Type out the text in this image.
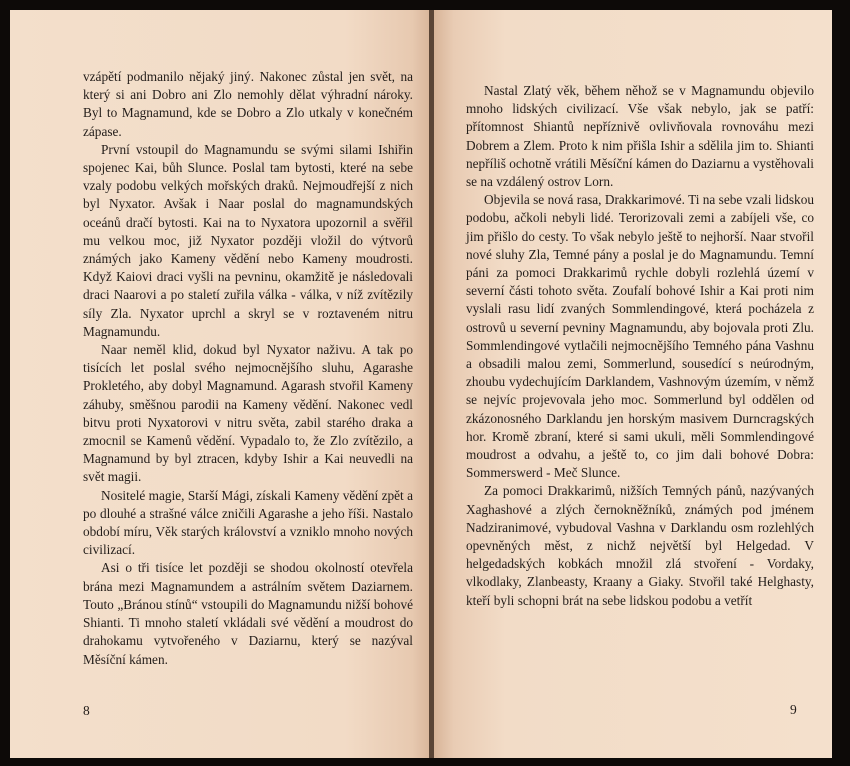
vzápětí podmanilo nějaký jiný. Nakonec zůstal jen svět, na který si ani Dobro ani Zlo nemohly dělat výhradní nároky. Byl to Magnamund, kde se Dobro a Zlo utkaly v konečném zápase.

První vstoupil do Magnamundu se svými silami Ishiřin spojenec Kai, bůh Slunce. Poslal tam bytosti, které na sebe vzaly podobu velkých mořských draků. Nejmoudřejší z nich byl Nyxator. Avšak i Naar poslal do magnamundských oceánů dračí bytosti. Kai na to Nyxatora upozornil a svěřil mu velkou moc, již Nyxator později vložil do výtvorů známých jako Kameny vědění nebo Kameny moudrosti. Když Kaiovi draci vyšli na pevninu, okamžitě je následovali draci Naarovi a po staletí zuřila válka - válka, v níž zvítězily síly Zla. Nyxator uprchl a skryl se v roztaveném nitru Magnamundu.

Naar neměl klid, dokud byl Nyxator naživu. A tak po tisících let poslal svého nejmocnějšího sluhu, Agarashe Prokletého, aby dobyl Magnamund. Agarash stvořil Kameny záhuby, směšnou parodii na Kameny vědění. Nakonec vedl bitvu proti Nyxatorovi v nitru světa, zabil starého draka a zmocnil se Kamenů vědění. Vypadalo to, že Zlo zvítězilo, a Magnamund by byl ztracen, kdyby Ishir a Kai neuvedli na svět magii.

Nositelé magie, Starší Mági, získali Kameny vědění zpět a po dlouhé a strašné válce zničili Agarashe a jeho říši. Nastalo období míru, Věk starých království a vzniklo mnoho nových civilizací.

Asi o tři tisíce let později se shodou okolností otevřela brána mezi Magnamundem a astrálním světem Daziarnem. Touto „Bránou stínů“ vstoupili do Magnamundu nižší bohové Shianti. Ti mnoho staletí vkládali své vědění a moudrost do drahokamu vytvořeného v Daziarnu, který se nazýval Měsíční kámen.

8

Nastal Zlatý věk, během něhož se v Magnamundu objevilo mnoho lidských civilizací. Vše však nebylo, jak se patří: přítomnost Shiantů nepříznivě ovlivňovala rovnováhu mezi Dobrem a Zlem. Proto k nim přišla Ishir a sdělila jim to. Shianti nepříliš ochotně vrátili Měsíční kámen do Daziarnu a vystěhovali se na vzdálený ostrov Lorn.

Objevila se nová rasa, Drakkarimové. Ti na sebe vzali lidskou podobu, ačkoli nebyli lidé. Terorizovali zemi a zabíjeli vše, co jim přišlo do cesty. To však nebylo ještě to nejhorší. Naar stvořil nové sluhy Zla, Temné pány a poslal je do Magnamundu. Temní páni za pomoci Drakkarimů rychle dobyli rozlehlá území v severní části tohoto světa. Zoufalí bohové Ishir a Kai proti nim vyslali rasu lidí zvaných Sommlendingové, která pocházela z ostrovů u severní pevniny Magnamundu, aby bojovala proti Zlu. Sommlendingové vytlačili nejmocnějšího Temného pána Vashnu a obsadili malou zemi, Sommerlund, sousedící s neúrodným, zhoubu vydechujícím Darklandem, Vashnovým územím, v němž se nejvíc projevovala jeho moc. Sommerlund byl oddělen od zkázonosného Darklandu jen horským masivem Durncragských hor. Kromě zbraní, které si sami ukuli, měli Sommlendingové moudrost a odvahu, a ještě to, co jim dali bohové Dobra: Sommerswerd - Meč Slunce.

Za pomoci Drakkarimů, nižších Temných pánů, nazývaných Xaghashové a zlých černokněžníků, známých pod jménem Nadziranimové, vybudoval Vashna v Darklandu osm rozlehlých opevněných měst, z nichž největší byl Helgedad. V helgedadských kobkách množil zlá stvoření - Vordaky, vlkodlaky, Zlanbeasty, Kraany a Giaky. Stvořil také Helghasty, kteří byli schopni brát na sebe lidskou podobu a vetřít

9
